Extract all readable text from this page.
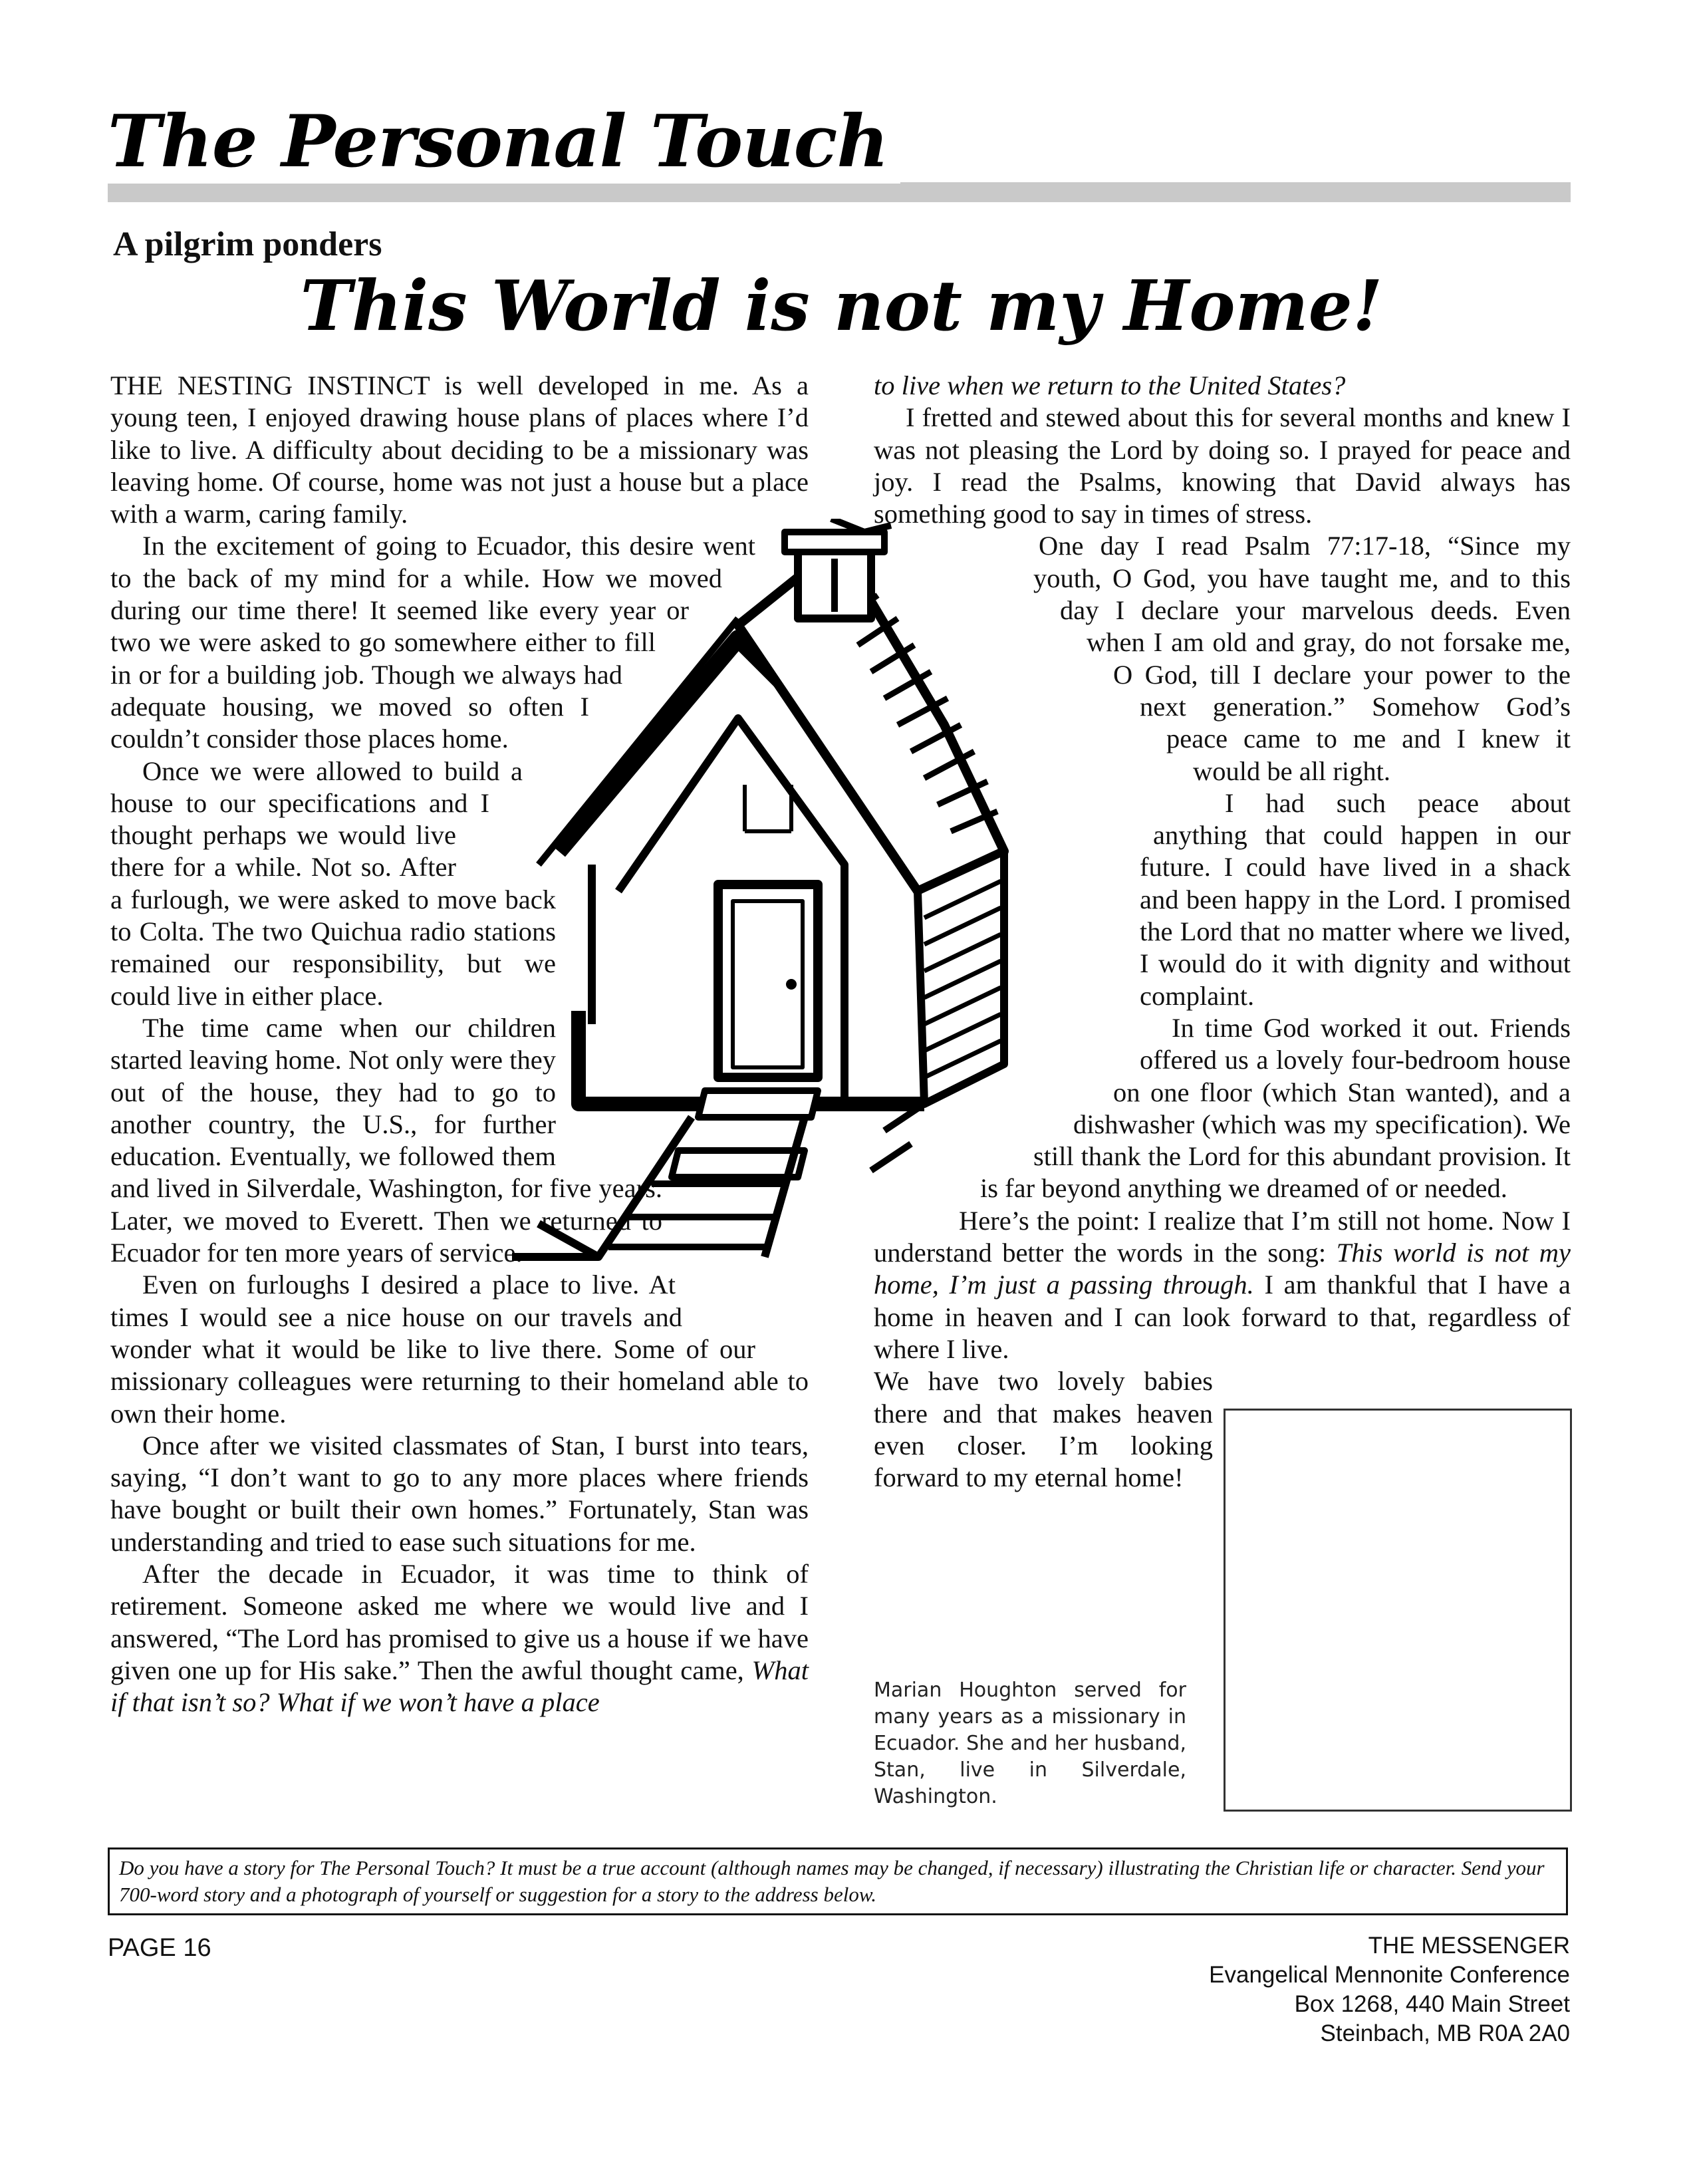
The Personal Touch
A pilgrim ponders
This World is not my Home!

THE NESTING INSTINCT is well developed in me. As a young teen, I enjoyed drawing house plans of places where I’d like to live. A difficulty about deciding to be a missionary was leaving home. Of course, home was not just a house but a place with a warm, caring family.

In the excitement of going to Ecuador, this desire went to the back of my mind for a while. How we moved during our time there! It seemed like every year or two we were asked to go somewhere either to fill in or for a building job. Though we always had adequate housing, we moved so often I couldn’t consider those places home.

Once we were allowed to build a house to our specifications and I thought perhaps we would live there for a while. Not so. After a furlough, we were asked to move back to Colta. The two Quichua radio stations remained our responsibility, but we could live in either place.

The time came when our children started leaving home. Not only were they out of the house, they had to go to another country, the U.S., for further education. Eventually, we followed them and lived in Silverdale, Washington, for five years. Later, we moved to Everett. Then we returned to Ecuador for ten more years of service.

Even on furloughs I desired a place to live. At times I would see a nice house on our travels and wonder what it would be like to live there. Some of our missionary colleagues were returning to their homeland able to own their home.

Once after we visited classmates of Stan, I burst into tears, saying, “I don’t want to go to any more places where friends have bought or built their own homes.” Fortunately, Stan was understanding and tried to ease such situations for me.

After the decade in Ecuador, it was time to think of retirement. Someone asked me where we would live and I answered, “The Lord has promised to give us a house if we have given one up for His sake.” Then the awful thought came, What if that isn’t so? What if we won’t have a place

to live when we return to the United States?

I fretted and stewed about this for several months and knew I was not pleasing the Lord by doing so. I prayed for peace and joy. I read the Psalms, knowing that David always has something good to say in times of stress.

One day I read Psalm 77:17-18, “Since my youth, O God, you have taught me, and to this day I declare your marvelous deeds. Even when I am old and gray, do not forsake me, O God, till I declare your power to the next generation.” Somehow God’s peace came to me and I knew it would be all right.

I had such peace about anything that could happen in our future. I could have lived in a shack and been happy in the Lord. I promised the Lord that no matter where we lived, I would do it with dignity and without complaint.

In time God worked it out. Friends offered us a lovely four-bedroom house on one floor (which Stan wanted), and a dishwasher (which was my specification). We still thank the Lord for this abundant provision. It is far beyond anything we dreamed of or needed.

Here’s the point: I realize that I’m still not home. Now I understand better the words in the song: This world is not my home, I’m just a passing through. I am thankful that I have a home in heaven and I can look forward to that, regardless of where I live.

We have two lovely babies there and that makes heaven even closer. I’m looking forward to my eternal home!

Marian Houghton served for many years as a missionary in Ecuador. She and her husband, Stan, live in Silverdale, Washington.
Do you have a story for The Personal Touch? It must be a true account (although names may be changed, if necessary) illustrating the Christian life or character. Send your 700-word story and a photograph of yourself or suggestion for a story to the address below.
PAGE 16	THE MESSENGER
Evangelical Mennonite Conference
Box 1268, 440 Main Street
Steinbach, MB R0A 2A0
